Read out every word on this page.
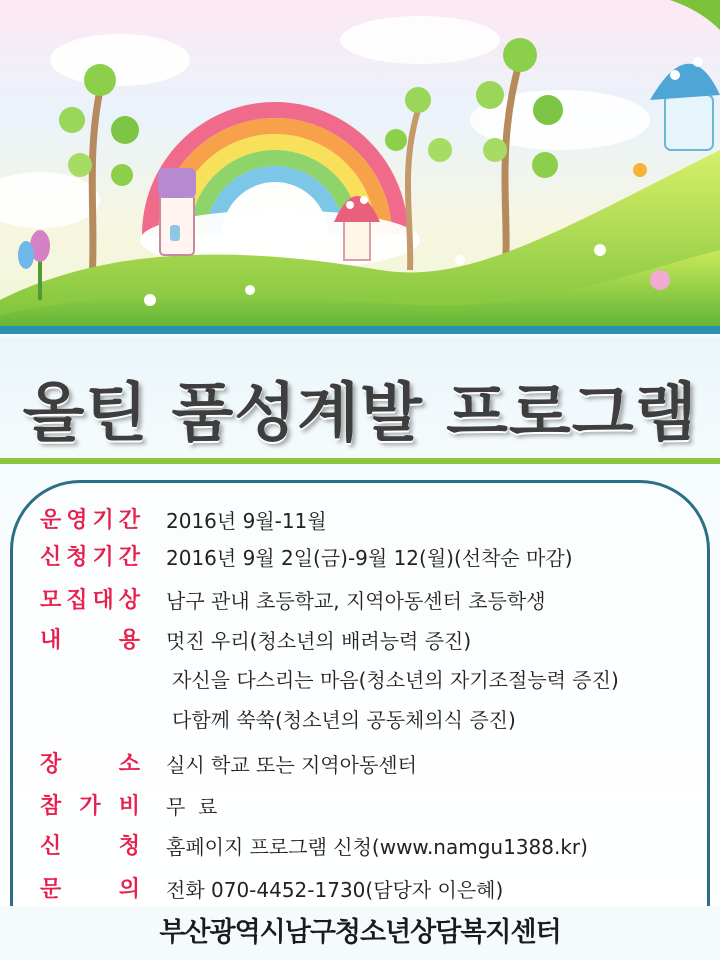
올틴 품성계발 프로그램
운 영 기 간 2016년 9월-11월
신 청 기 간 2016년 9월 2일(금)-9월 12(월)(선착순 마감)
모 집 대 상 남구 관내 초등학교, 지역아동센터 초등학생
내	용 멋진 우리(청소년의 배려능력 증진)
자신을 다스리는 마음(청소년의 자기조절능력 증진)
다함께 쑥쑥(청소년의 공동체의식 증진)
장	소 실시 학교 또는 지역아동센터
참 가 비 무  료
신	청 홈페이지 프로그램 신청(www.namgu1388.kr)
문	의 전화 070-4452-1730(담당자 이은혜)
부산광역시남구청소년상담복지센터
